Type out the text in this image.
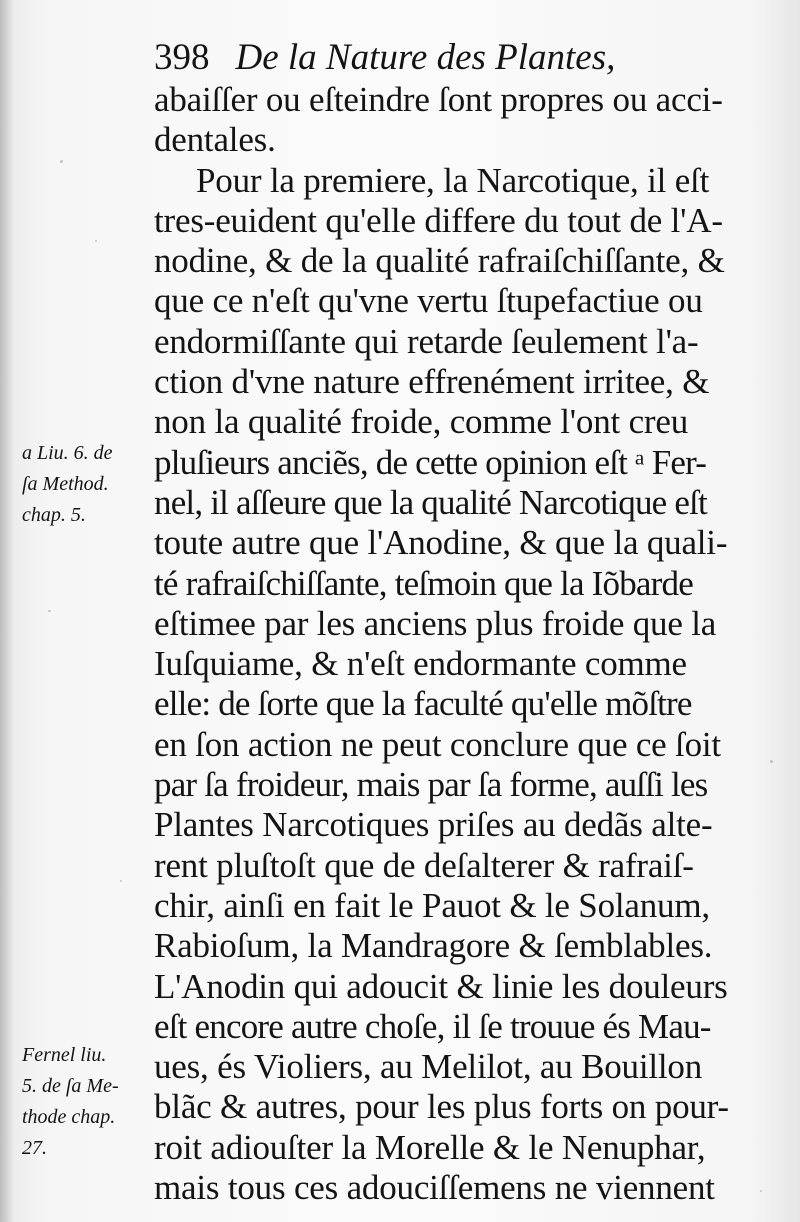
398 De la Nature des Plantes,
abaiſſer ou eſteindre ſont propres ou acci-
dentales.
Pour la premiere, la Narcotique, il eſt
tres-euident qu'elle differe du tout de l'A-
nodine, & de la qualité rafraiſchiſſante, &
que ce n'eſt qu'vne vertu ſtupefactiue ou
endormiſſante qui retarde ſeulement l'a-
ction d'vne nature effrenément irritee, &
non la qualité froide, comme l'ont creu
pluſieurs anciẽs, de cette opinion eſt ᵃ Fer-
nel, il aſſeure que la qualité Narcotique eſt
toute autre que l'Anodine, & que la quali-
té rafraiſchiſſante, teſmoin que la Iõbarde
eſtimee par les anciens plus froide que la
Iuſquiame, & n'eſt endormante comme
elle: de ſorte que la faculté qu'elle mõſtre
en ſon action ne peut conclure que ce ſoit
par ſa froideur, mais par ſa forme, auſſi les
Plantes Narcotiques priſes au dedãs alte-
rent pluſtoſt que de deſalterer & rafraiſ-
chir, ainſi en fait le Pauot & le Solanum,
Rabioſum, la Mandragore & ſemblables.
L'Anodin qui adoucit & linie les douleurs
eſt encore autre choſe, il ſe trouue és Mau-
ues, és Violiers, au Melilot, au Bouillon
blãc & autres, pour les plus forts on pour-
roit adiouſter la Morelle & le Nenuphar,
mais tous ces adouciſſemens ne viennent
a Liu. 6. de
ſa Method.
chap. 5.
Fernel liu.
5. de ſa Me-
thode chap.
27.
